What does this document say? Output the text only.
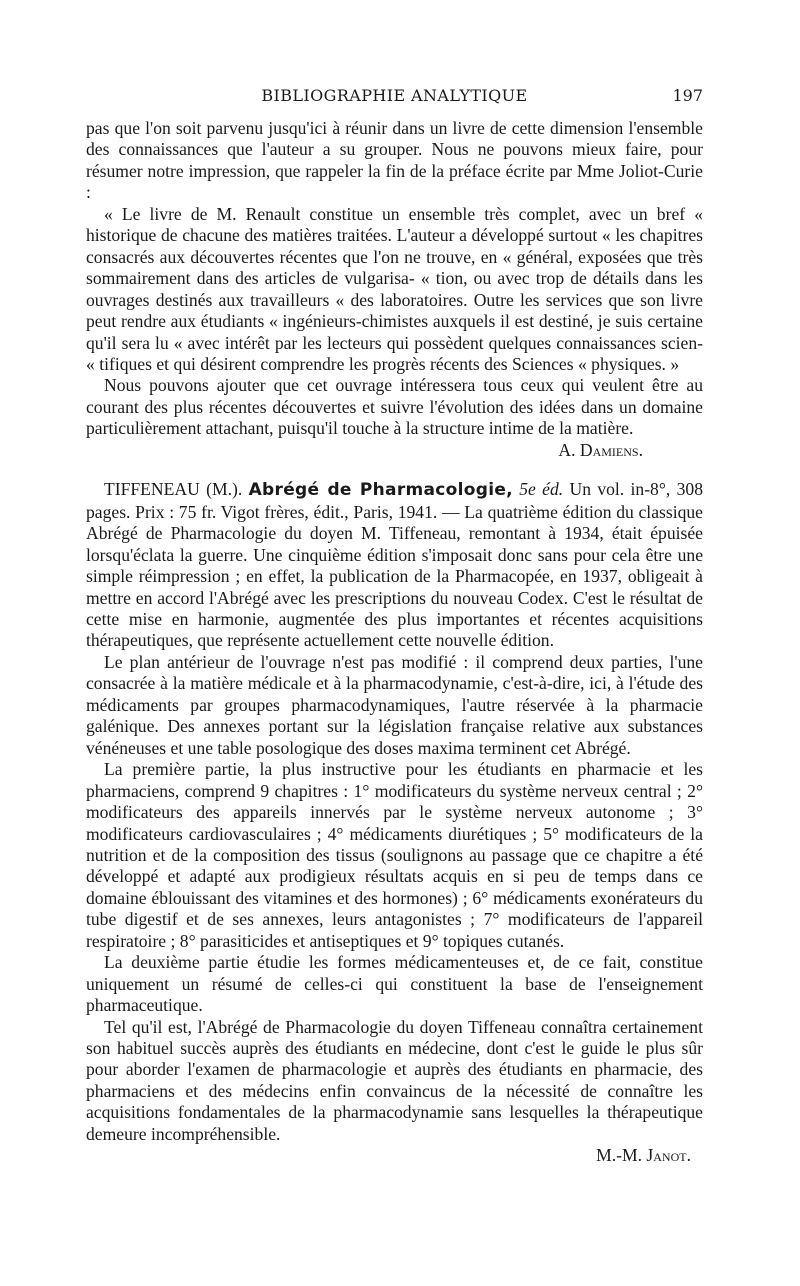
BIBLIOGRAPHIE ANALYTIQUE	197

pas que l'on soit parvenu jusqu'ici à réunir dans un livre de cette dimension l'ensemble des connaissances que l'auteur a su grouper. Nous ne pouvons mieux faire, pour résumer notre impression, que rappeler la fin de la préface écrite par Mme Joliot-Curie :

« Le livre de M. Renault constitue un ensemble très complet, avec un bref « historique de chacune des matières traitées. L'auteur a développé surtout « les chapitres consacrés aux découvertes récentes que l'on ne trouve, en « général, exposées que très sommairement dans des articles de vulgarisa- « tion, ou avec trop de détails dans les ouvrages destinés aux travailleurs « des laboratoires. Outre les services que son livre peut rendre aux étudiants « ingénieurs-chimistes auxquels il est destiné, je suis certaine qu'il sera lu « avec intérêt par les lecteurs qui possèdent quelques connaissances scien- « tifiques et qui désirent comprendre les progrès récents des Sciences « physiques. »

Nous pouvons ajouter que cet ouvrage intéressera tous ceux qui veulent être au courant des plus récentes découvertes et suivre l'évolution des idées dans un domaine particulièrement attachant, puisqu'il touche à la structure intime de la matière.

A. Damiens.

TIFFENEAU (M.). Abrégé de Pharmacologie, 5e éd. Un vol. in-8°, 308 pages. Prix : 75 fr. Vigot frères, édit., Paris, 1941. — La quatrième édition du classique Abrégé de Pharmacologie du doyen M. Tiffeneau, remontant à 1934, était épuisée lorsqu'éclata la guerre. Une cinquième édition s'imposait donc sans pour cela être une simple réimpression ; en effet, la publication de la Pharmacopée, en 1937, obligeait à mettre en accord l'Abrégé avec les prescriptions du nouveau Codex. C'est le résultat de cette mise en harmonie, augmentée des plus importantes et récentes acquisitions thérapeutiques, que représente actuellement cette nouvelle édition.

Le plan antérieur de l'ouvrage n'est pas modifié : il comprend deux parties, l'une consacrée à la matière médicale et à la pharmacodynamie, c'est-à-dire, ici, à l'étude des médicaments par groupes pharmacodynamiques, l'autre réservée à la pharmacie galénique. Des annexes portant sur la législation française relative aux substances vénéneuses et une table posologique des doses maxima terminent cet Abrégé.

La première partie, la plus instructive pour les étudiants en pharmacie et les pharmaciens, comprend 9 chapitres : 1° modificateurs du système nerveux central ; 2° modificateurs des appareils innervés par le système nerveux autonome ; 3° modificateurs cardiovasculaires ; 4° médicaments diurétiques ; 5° modificateurs de la nutrition et de la composition des tissus (soulignons au passage que ce chapitre a été développé et adapté aux prodigieux résultats acquis en si peu de temps dans ce domaine éblouissant des vitamines et des hormones) ; 6° médicaments exonérateurs du tube digestif et de ses annexes, leurs antagonistes ; 7° modificateurs de l'appareil respiratoire ; 8° parasiticides et antiseptiques et 9° topiques cutanés.

La deuxième partie étudie les formes médicamenteuses et, de ce fait, constitue uniquement un résumé de celles-ci qui constituent la base de l'enseignement pharmaceutique.

Tel qu'il est, l'Abrégé de Pharmacologie du doyen Tiffeneau connaîtra certainement son habituel succès auprès des étudiants en médecine, dont c'est le guide le plus sûr pour aborder l'examen de pharmacologie et auprès des étudiants en pharmacie, des pharmaciens et des médecins enfin convaincus de la nécessité de connaître les acquisitions fondamentales de la pharmacodynamie sans lesquelles la thérapeutique demeure incompréhensible.

M.-M. Janot.
